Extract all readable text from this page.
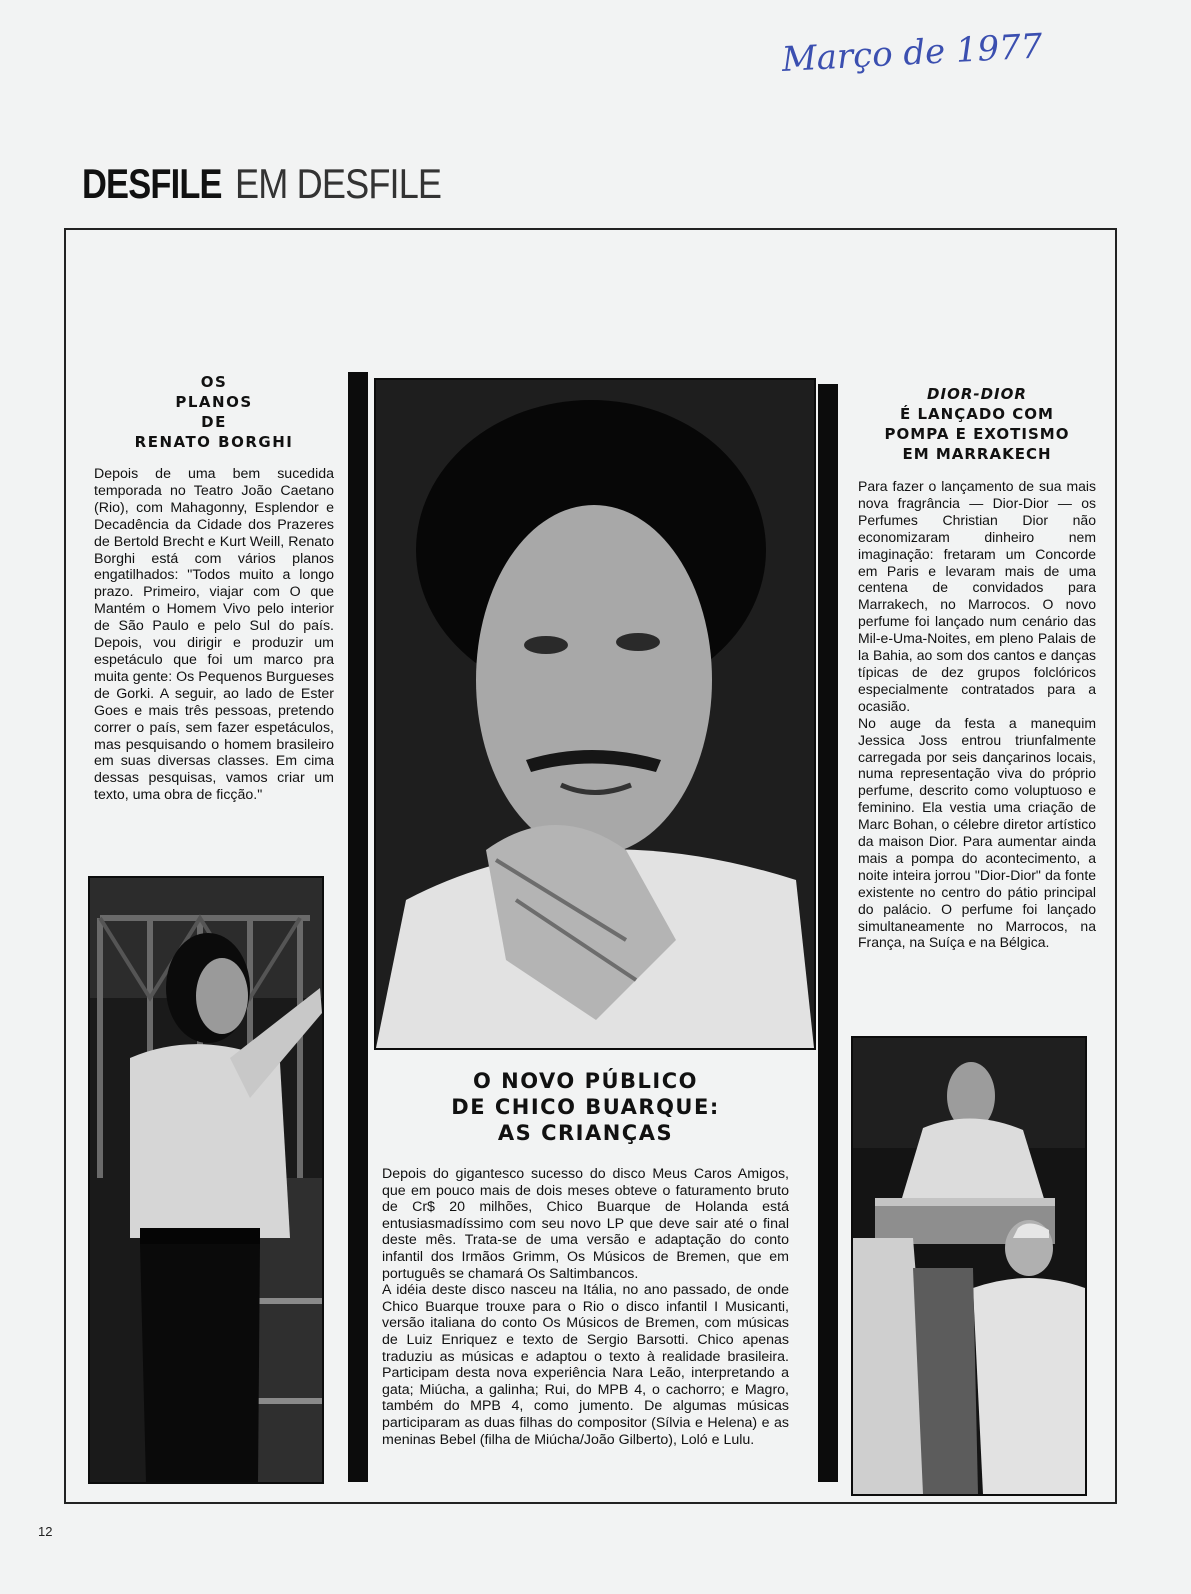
Março de 1977
DESFILE EM DESFILE
OS
PLANOS
DE
RENATO BORGHI

Depois de uma bem sucedida temporada no Teatro João Caetano (Rio), com Mahagonny, Esplendor e Decadência da Cidade dos Prazeres de Bertold Brecht e Kurt Weill, Renato Borghi está com vários planos engatilhados: "Todos muito a longo prazo. Primeiro, viajar com O que Mantém o Homem Vivo pelo interior de São Paulo e pelo Sul do país. Depois, vou dirigir e produzir um espetáculo que foi um marco pra muita gente: Os Pequenos Burgueses de Gorki. A seguir, ao lado de Ester Goes e mais três pessoas, pretendo correr o país, sem fazer espetáculos, mas pesquisando o homem brasileiro em suas diversas classes. Em cima dessas pesquisas, vamos criar um texto, uma obra de ficção."

O NOVO PÚBLICO
DE CHICO BUARQUE:
AS CRIANÇAS

Depois do gigantesco sucesso do disco Meus Caros Amigos, que em pouco mais de dois meses obteve o faturamento bruto de Cr$ 20 milhões, Chico Buarque de Holanda está entusiasmadíssimo com seu novo LP que deve sair até o final deste mês. Trata-se de uma versão e adaptação do conto infantil dos Irmãos Grimm, Os Músicos de Bremen, que em português se chamará Os Saltimbancos.
A idéia deste disco nasceu na Itália, no ano passado, de onde Chico Buarque trouxe para o Rio o disco infantil I Musicanti, versão italiana do conto Os Músicos de Bremen, com músicas de Luiz Enriquez e texto de Sergio Barsotti. Chico apenas traduziu as músicas e adaptou o texto à realidade brasileira. Participam desta nova experiência Nara Leão, interpretando a gata; Miúcha, a galinha; Rui, do MPB 4, o cachorro; e Magro, também do MPB 4, como jumento. De algumas músicas participaram as duas filhas do compositor (Sílvia e Helena) e as meninas Bebel (filha de Miúcha/João Gilberto), Loló e Lulu.

DIOR-DIOR
É LANÇADO COM
POMPA E EXOTISMO
EM MARRAKECH

Para fazer o lançamento de sua mais nova fragrância — Dior-Dior — os Perfumes Christian Dior não economizaram dinheiro nem imaginação: fretaram um Concorde em Paris e levaram mais de uma centena de convidados para Marrakech, no Marrocos. O novo perfume foi lançado num cenário das Mil-e-Uma-Noites, em pleno Palais de la Bahia, ao som dos cantos e danças típicas de dez grupos folclóricos especialmente contratados para a ocasião.
No auge da festa a manequim Jessica Joss entrou triunfalmente carregada por seis dançarinos locais, numa representação viva do próprio perfume, descrito como voluptuoso e feminino. Ela vestia uma criação de Marc Bohan, o célebre diretor artístico da maison Dior. Para aumentar ainda mais a pompa do acontecimento, a noite inteira jorrou "Dior-Dior" da fonte existente no centro do pátio principal do palácio. O perfume foi lançado simultaneamente no Marrocos, na França, na Suíça e na Bélgica.

12
